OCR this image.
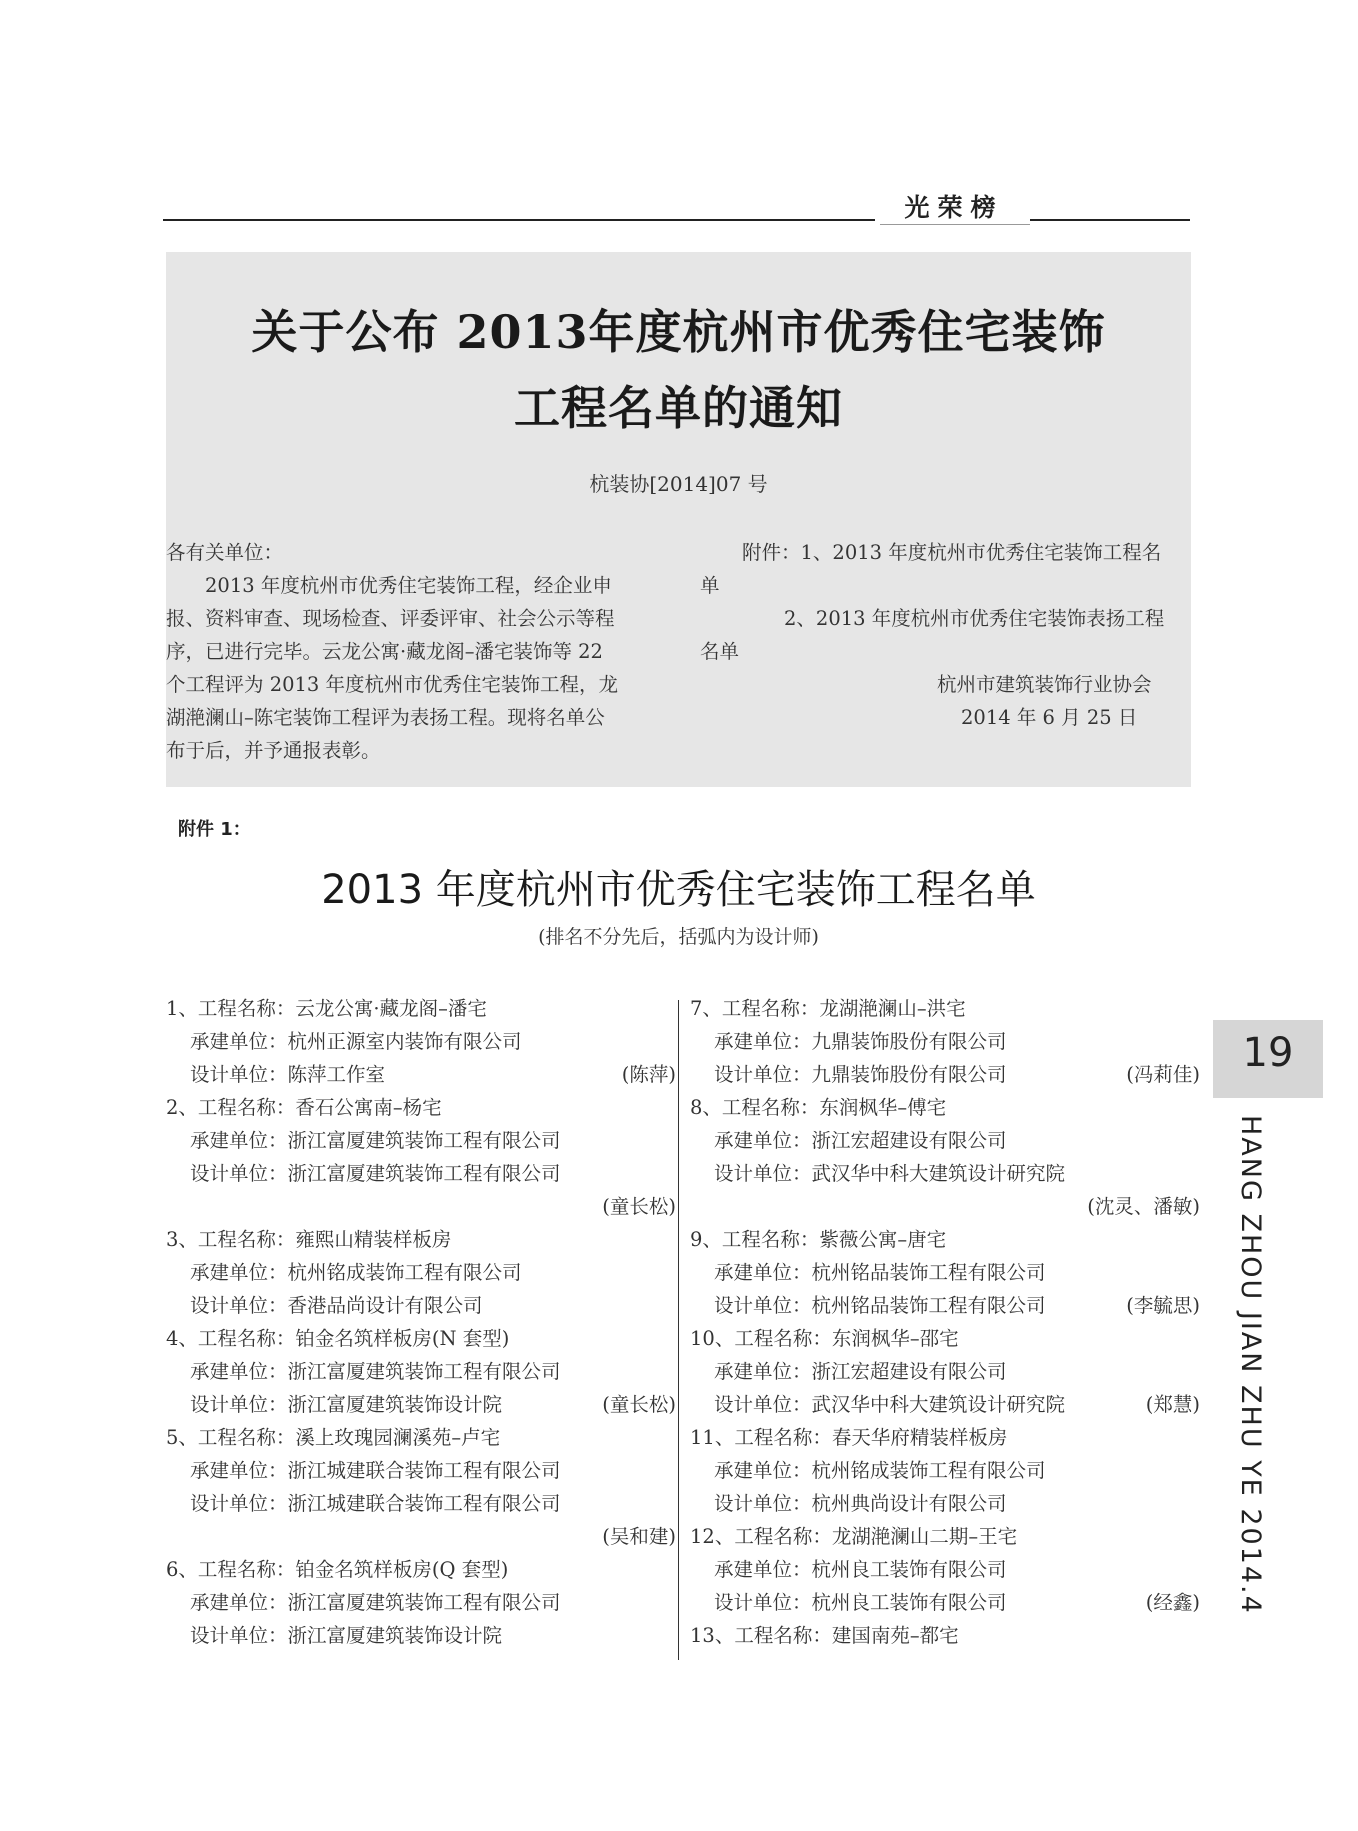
光荣榜
关于公布 2013年度杭州市优秀住宅装饰
工程名单的通知
杭装协[2014]07 号
各有关单位：
　　2013 年度杭州市优秀住宅装饰工程，经企业申
报、资料审查、现场检查、评委评审、社会公示等程
序，已进行完毕。云龙公寓·藏龙阁–潘宅装饰等 22
个工程评为 2013 年度杭州市优秀住宅装饰工程，龙
湖滟澜山–陈宅装饰工程评为表扬工程。现将名单公
布于后，并予通报表彰。
附件：1、2013 年度杭州市优秀住宅装饰工程名
单
2、2013 年度杭州市优秀住宅装饰表扬工程
名单
杭州市建筑装饰行业协会
2014 年 6 月 25 日
附件 1：
2013 年度杭州市优秀住宅装饰工程名单
(排名不分先后，括弧内为设计师)
1、工程名称：云龙公寓·藏龙阁–潘宅
承建单位：杭州正源室内装饰有限公司
设计单位：陈萍工作室	(陈萍)
2、工程名称：香石公寓南–杨宅
承建单位：浙江富厦建筑装饰工程有限公司
设计单位：浙江富厦建筑装饰工程有限公司
(童长松)
3、工程名称：雍熙山精装样板房
承建单位：杭州铭成装饰工程有限公司
设计单位：香港品尚设计有限公司
4、工程名称：铂金名筑样板房(N 套型)
承建单位：浙江富厦建筑装饰工程有限公司
设计单位：浙江富厦建筑装饰设计院	(童长松)
5、工程名称：溪上玫瑰园澜溪苑–卢宅
承建单位：浙江城建联合装饰工程有限公司
设计单位：浙江城建联合装饰工程有限公司
(吴和建)
6、工程名称：铂金名筑样板房(Q 套型)
承建单位：浙江富厦建筑装饰工程有限公司
设计单位：浙江富厦建筑装饰设计院
7、工程名称：龙湖滟澜山–洪宅
承建单位：九鼎装饰股份有限公司
设计单位：九鼎装饰股份有限公司	(冯莉佳)
8、工程名称：东润枫华–傅宅
承建单位：浙江宏超建设有限公司
设计单位：武汉华中科大建筑设计研究院
(沈灵、潘敏)
9、工程名称：紫薇公寓–唐宅
承建单位：杭州铭品装饰工程有限公司
设计单位：杭州铭品装饰工程有限公司	(李毓思)
10、工程名称：东润枫华–邵宅
承建单位：浙江宏超建设有限公司
设计单位：武汉华中科大建筑设计研究院	(郑慧)
11、工程名称：春天华府精装样板房
承建单位：杭州铭成装饰工程有限公司
设计单位：杭州典尚设计有限公司
12、工程名称：龙湖滟澜山二期–王宅
承建单位：杭州良工装饰有限公司
设计单位：杭州良工装饰有限公司	(经鑫)
13、工程名称：建国南苑–都宅
19
HANG ZHOU JIAN ZHU YE 2014.4
